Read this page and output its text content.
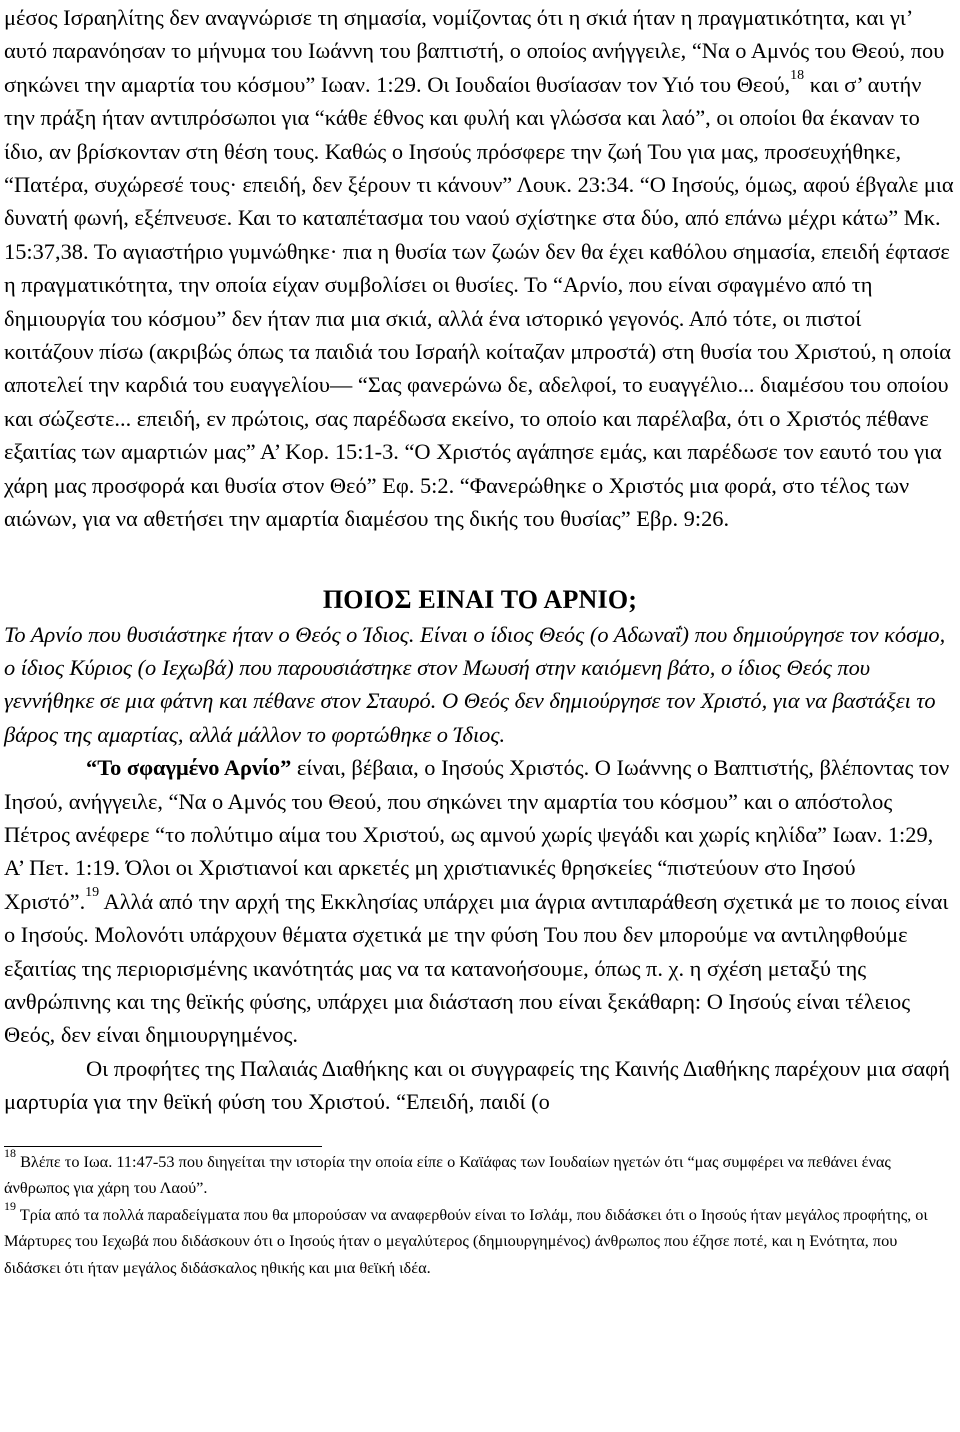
μέσος Ισραηλίτης δεν αναγνώρισε τη σημασία, νομίζοντας ότι η σκιά ήταν η πραγματικότητα, και γι’ αυτό παρανόησαν το μήνυμα του Ιωάννη του βαπτιστή, ο οποίος ανήγγειλε, “Να ο Αμνός του Θεού, που σηκώνει την αμαρτία του κόσμου” Ιωαν. 1:29. Οι Ιουδαίοι θυσίασαν τον Υιό του Θεού,$^{18}$ και σ’ αυτήν την πράξη ήταν αντιπρόσωποι για “κάθε έθνος και φυλή και γλώσσα και λαό”, οι οποίοι θα έκαναν το ίδιο, αν βρίσκονταν στη θέση τους. Καθώς ο Ιησούς πρόσφερε την ζωή Του για μας, προσευχήθηκε, “Πατέρα, συχώρεσέ τους· επειδή, δεν ξέρουν τι κάνουν” Λουκ. 23:34. “Ο Ιησούς, όμως, αφού έβγαλε μια δυνατή φωνή, εξέπνευσε. Και το καταπέτασμα του ναού σχίστηκε στα δύο, από επάνω μέχρι κάτω” Μκ. 15:37,38. Το αγιαστήριο γυμνώθηκε· πια η θυσία των ζωών δεν θα έχει καθόλου σημασία, επειδή έφτασε η πραγματικότητα, την οποία είχαν συμβολίσει οι θυσίες. Το “Αρνίο, που είναι σφαγμένο από τη δημιουργία του κόσμου” δεν ήταν πια μια σκιά, αλλά ένα ιστορικό γεγονός. Από τότε, οι πιστοί κοιτάζουν πίσω (ακριβώς όπως τα παιδιά του Ισραήλ κοίταζαν μπροστά) στη θυσία του Χριστού, η οποία αποτελεί την καρδιά του ευαγγελίου— “Σας φανερώνω δε, αδελφοί, το ευαγγέλιο... διαμέσου του οποίου και σώζεστε... επειδή, εν πρώτοις, σας παρέδωσα εκείνο, το οποίο και παρέλαβα, ότι ο Χριστός πέθανε εξαιτίας των αμαρτιών μας” Α’ Κορ. 15:1-3. “Ο Χριστός αγάπησε εμάς, και παρέδωσε τον εαυτό του για χάρη μας προσφορά και θυσία στον Θεό” Εφ. 5:2. “Φανερώθηκε ο Χριστός μια φορά, στο τέλος των αιώνων, για να αθετήσει την αμαρτία διαμέσου της δικής του θυσίας” Εβρ. 9:26.

ΠΟΙΟΣ ΕΙΝΑΙ ΤΟ ΑΡΝΙΟ;

Το Αρνίο που θυσιάστηκε ήταν ο Θεός ο Ίδιος. Είναι ο ίδιος Θεός (ο Αδωναΐ) που δημιούργησε τον κόσμο, ο ίδιος Κύριος (ο Ιεχωβά) που παρουσιάστηκε στον Μωυσή στην καιόμενη βάτο, ο ίδιος Θεός που γεννήθηκε σε μια φάτνη και πέθανε στον Σταυρό. Ο Θεός δεν δημιούργησε τον Χριστό, για να βαστάξει το βάρος της αμαρτίας, αλλά μάλλον το φορτώθηκε ο Ίδιος.

“Το σφαγμένο Αρνίο” είναι, βέβαια, ο Ιησούς Χριστός. Ο Ιωάννης ο Βαπτιστής, βλέποντας τον Ιησού, ανήγγειλε, “Να ο Αμνός του Θεού, που σηκώνει την αμαρτία του κόσμου” και ο απόστολος Πέτρος ανέφερε “το πολύτιμο αίμα του Χριστού, ως αμνού χωρίς ψεγάδι και χωρίς κηλίδα” Ιωαν. 1:29, Α’ Πετ. 1:19. Όλοι οι Χριστιανοί και αρκετές μη χριστιανικές θρησκείες “πιστεύουν στο Ιησού Χριστό”.$^{19}$ Αλλά από την αρχή της Εκκλησίας υπάρχει μια άγρια αντιπαράθεση σχετικά με το ποιος είναι ο Ιησούς. Μολονότι υπάρχουν θέματα σχετικά με την φύση Του που δεν μπορούμε να αντιληφθούμε εξαιτίας της περιορισμένης ικανότητάς μας να τα κατανοήσουμε, όπως π. χ. η σχέση μεταξύ της ανθρώπινης και της θεϊκής φύσης, υπάρχει μια διάσταση που είναι ξεκάθαρη: Ο Ιησούς είναι τέλειος Θεός, δεν είναι δημιουργημένος.

Οι προφήτες της Παλαιάς Διαθήκης και οι συγγραφείς της Καινής Διαθήκης παρέχουν μια σαφή μαρτυρία για την θεϊκή φύση του Χριστού. “Επειδή, παιδί (ο

$^{18}$ Βλέπε το Ιωα. 11:47-53 που διηγείται την ιστορία την οποία είπε ο Καϊάφας των Ιουδαίων ηγετών ότι “μας συμφέρει να πεθάνει ένας άνθρωπος για χάρη του Λαού”.

$^{19}$ Τρία από τα πολλά παραδείγματα που θα μπορούσαν να αναφερθούν είναι το Ισλάμ, που διδάσκει ότι ο Ιησούς ήταν μεγάλος προφήτης, οι Μάρτυρες του Ιεχωβά που διδάσκουν ότι ο Ιησούς ήταν ο μεγαλύτερος (δημιουργημένος) άνθρωπος που έζησε ποτέ, και η Ενότητα, που διδάσκει ότι ήταν μεγάλος διδάσκαλος ηθικής και μια θεϊκή ιδέα.
